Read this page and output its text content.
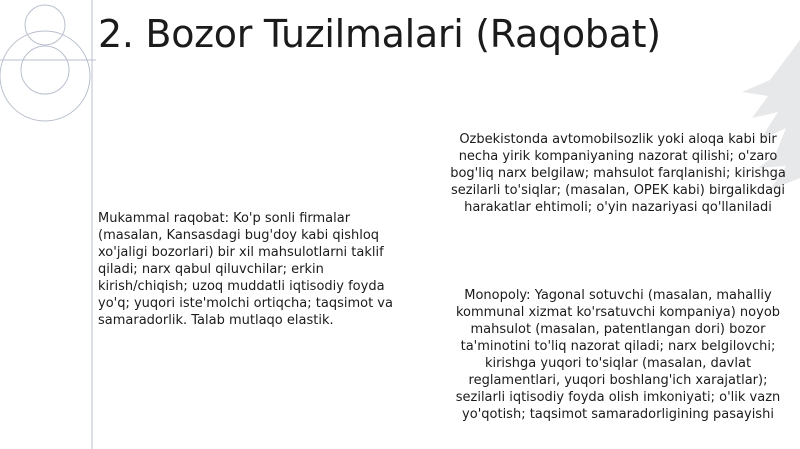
2. Bozor Tuzilmalari (Raqobat)

Mukammal raqobat: Ko'p sonli firmalar (masalan, Kansasdagi bug'doy kabi qishloq xo'jaligi bozorlari) bir xil mahsulotlarni taklif qiladi; narx qabul qiluvchilar; erkin kirish/chiqish; uzoq muddatli iqtisodiy foyda yo'q; yuqori iste'molchi ortiqcha; taqsimot va samaradorlik. Talab mutlaqo elastik.

Ozbekistonda avtomobilsozlik yoki aloqa kabi bir necha yirik kompaniyaning nazorat qilishi; o'zaro bog'liq narx belgilaw; mahsulot farqlanishi; kirishga sezilarli to'siqlar; (masalan, OPEK kabi) birgalikdagi harakatlar ehtimoli; o'yin nazariyasi qo'llaniladi

Monopoly: Yagonal sotuvchi (masalan, mahalliy kommunal xizmat ko'rsatuvchi kompaniya) noyob mahsulot (masalan, patentlangan dori) bozor ta'minotini to'liq nazorat qiladi; narx belgilovchi; kirishga yuqori to'siqlar (masalan, davlat reglamentlari, yuqori boshlang'ich xarajatlar); sezilarli iqtisodiy foyda olish imkoniyati; o'lik vazn yo'qotish; taqsimot samaradorligining pasayishi
